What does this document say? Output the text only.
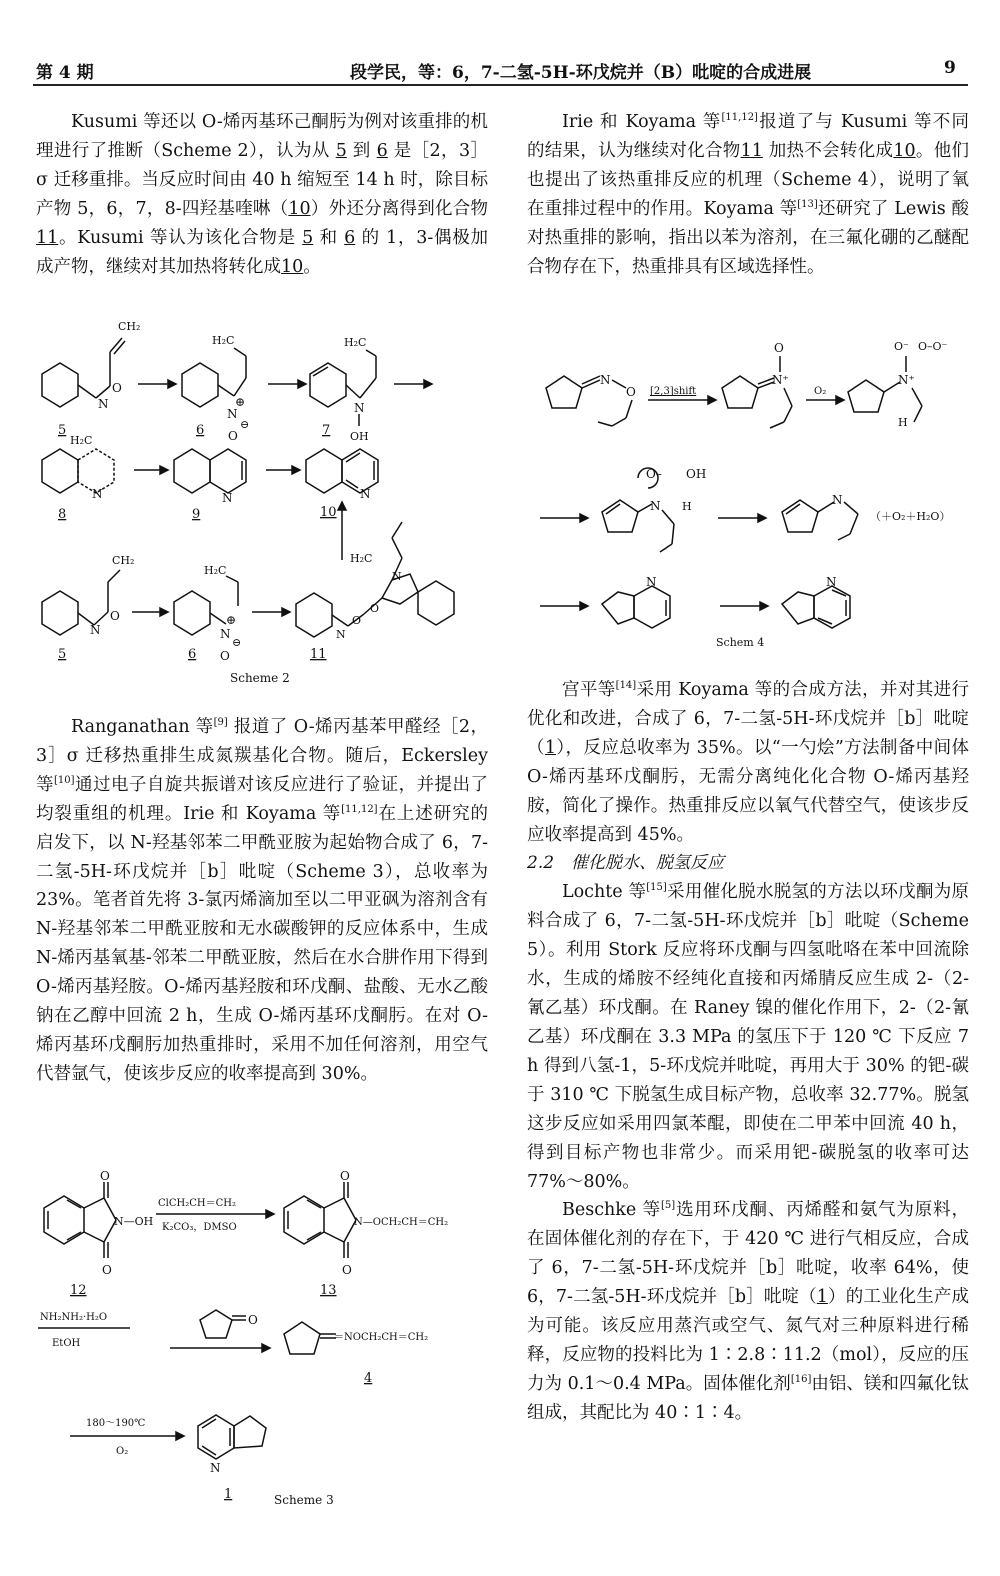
第 4 期	段学民，等：6，7-二氢-5H-环戊烷并（B）吡啶的合成进展	9

Kusumi 等还以 O-烯丙基环己酮肟为例对该重排的机理进行了推断（Scheme 2），认为从 5 到 6 是［2，3］σ 迁移重排。当反应时间由 40 h 缩短至 14 h 时，除目标产物 5，6，7，8-四羟基喹啉（10）外还分离得到化合物11。Kusumi 等认为该化合物是 5 和 6 的 1，3-偶极加成产物，继续对其加热将转化成10。

CH₂
N
O
5
H₂C
N
⊕
⊖
O
6
H₂C
N
OH
7
H₂C
N
8
N
9
N
10
CH₂
N
O
5
H₂C
N
⊕
⊖
O
6
H₂C
N
O
N
O
11
Scheme 2

Ranganathan 等[9] 报道了 O-烯丙基苯甲醛经［2，3］σ 迁移热重排生成氮羰基化合物。随后，Eckersley 等[10]通过电子自旋共振谱对该反应进行了验证，并提出了均裂重组的机理。Irie 和 Koyama 等[11,12]在上述研究的启发下，以 N-羟基邻苯二甲酰亚胺为起始物合成了 6，7-二氢-5H-环戊烷并［b］吡啶（Scheme 3），总收率为 23%。笔者首先将 3-氯丙烯滴加至以二甲亚砜为溶剂含有 N-羟基邻苯二甲酰亚胺和无水碳酸钾的反应体系中，生成 N-烯丙基氧基-邻苯二甲酰亚胺，然后在水合肼作用下得到 O-烯丙基羟胺。O-烯丙基羟胺和环戊酮、盐酸、无水乙酸钠在乙醇中回流 2 h，生成 O-烯丙基环戊酮肟。在对 O-烯丙基环戊酮肟加热重排时，采用不加任何溶剂，用空气代替氩气，使该步反应的收率提高到 30%。

O
O
N—OH
12
ClCH₂CH＝CH₂
K₂CO₃，DMSO
O
O
N—OCH₂CH＝CH₂
13
NH₂NH₂·H₂O
EtOH
O
＝NOCH₂CH＝CH₂
4
180～190℃
O₂
N
1	Scheme 3

Irie 和 Koyama 等[11,12]报道了与 Kusumi 等不同的结果，认为继续对化合物11 加热不会转化成10。他们也提出了该热重排反应的机理（Scheme 4），说明了氧在重排过程中的作用。Koyama 等[13]还研究了 Lewis 酸对热重排的影响，指出以苯为溶剂，在三氟化硼的乙醚配合物存在下，热重排具有区域选择性。

N
O [2,3]shift
N⁺
O
O₂
N⁺
O⁻ O–O⁻
H
N
O– OH
H	N
（＋O₂＋H₂O）
N	N
Schem 4

宫平等[14]采用 Koyama 等的合成方法，并对其进行优化和改进，合成了 6，7-二氢-5H-环戊烷并［b］吡啶（1），反应总收率为 35%。以“一勺烩”方法制备中间体 O-烯丙基环戊酮肟，无需分离纯化化合物 O-烯丙基羟胺，简化了操作。热重排反应以氧气代替空气，使该步反应收率提高到 45%。

2.2　催化脱水、脱氢反应

Lochte 等[15]采用催化脱水脱氢的方法以环戊酮为原料合成了 6，7-二氢-5H-环戊烷并［b］吡啶（Scheme 5）。利用 Stork 反应将环戊酮与四氢吡咯在苯中回流除水，生成的烯胺不经纯化直接和丙烯腈反应生成 2-（2-氰乙基）环戊酮。在 Raney 镍的催化作用下，2-（2-氰乙基）环戊酮在 3.3 MPa 的氢压下于 120 ℃ 下反应 7 h 得到八氢-1，5-环戊烷并吡啶，再用大于 30% 的钯-碳于 310 ℃ 下脱氢生成目标产物，总收率 32.77%。脱氢这步反应如采用四氯苯醌，即使在二甲苯中回流 40 h，得到目标产物也非常少。而采用钯-碳脱氢的收率可达 77%～80%。

Beschke 等[5]选用环戊酮、丙烯醛和氨气为原料，在固体催化剂的存在下，于 420 ℃ 进行气相反应，合成了 6，7-二氢-5H-环戊烷并［b］吡啶，收率 64%，使 6，7-二氢-5H-环戊烷并［b］吡啶（1）的工业化生产成为可能。该反应用蒸汽或空气、氮气对三种原料进行稀释，反应物的投料比为 1∶2.8∶11.2（mol），反应的压力为 0.1～0.4 MPa。固体催化剂[16]由铝、镁和四氟化钛组成，其配比为 40∶1∶4。
